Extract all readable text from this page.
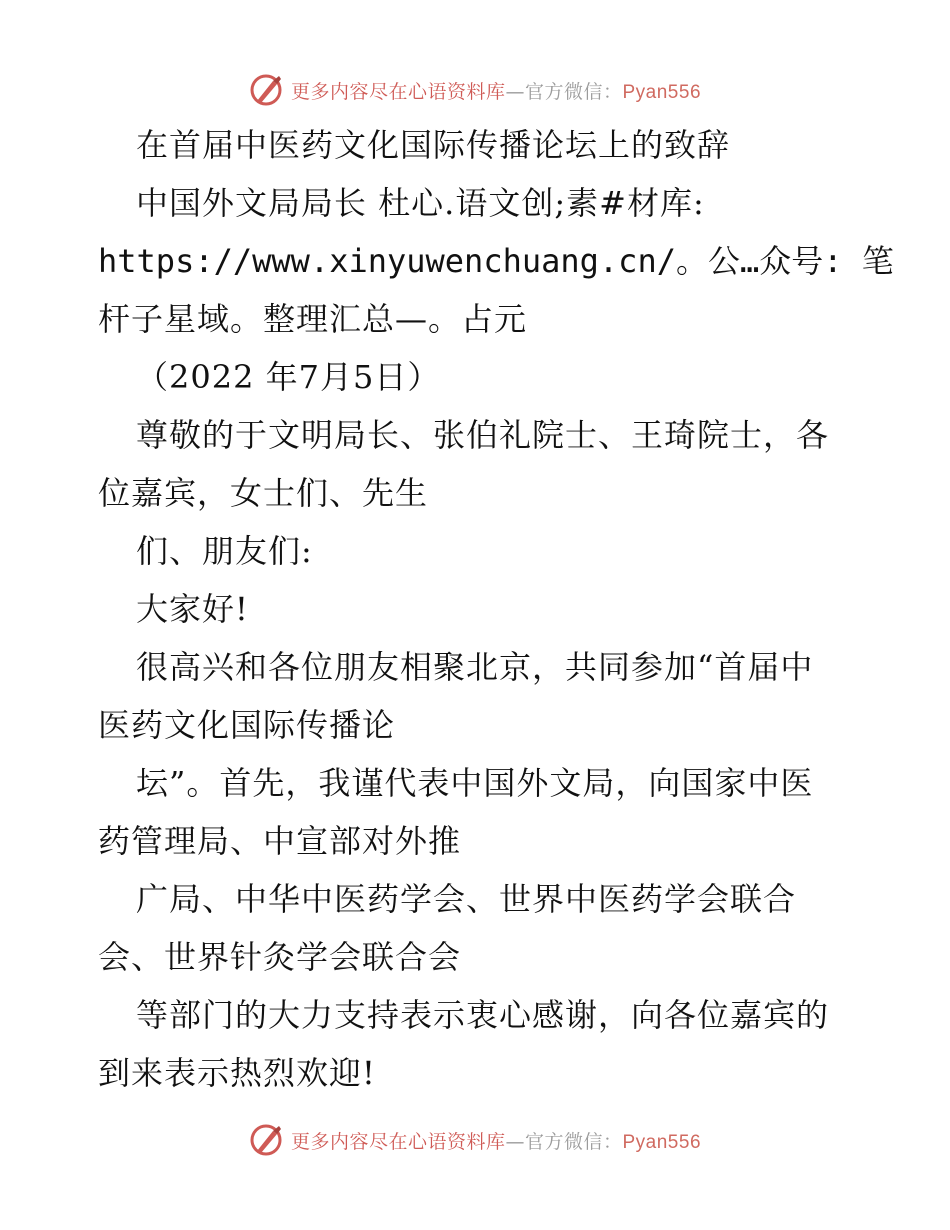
更多内容尽在心语资料库—官方微信：Pyan556
在首届中医药文化国际传播论坛上的致辞
中国外文局局长 杜心.语文创;素#材库:
https://www.xinyuwenchuang.cn/。公…众号: 笔
杆子星域。整理汇总—。占元
（2022 年7月5日）
尊敬的于文明局长、张伯礼院士、王琦院士，各
位嘉宾，女士们、先生
们、朋友们:
大家好!
很高兴和各位朋友相聚北京，共同参加“首届中
医药文化国际传播论
坛”。首先，我谨代表中国外文局，向国家中医
药管理局、中宣部对外推
广局、中华中医药学会、世界中医药学会联合
会、世界针灸学会联合会
等部门的大力支持表示衷心感谢，向各位嘉宾的
到来表示热烈欢迎!
更多内容尽在心语资料库—官方微信：Pyan556
